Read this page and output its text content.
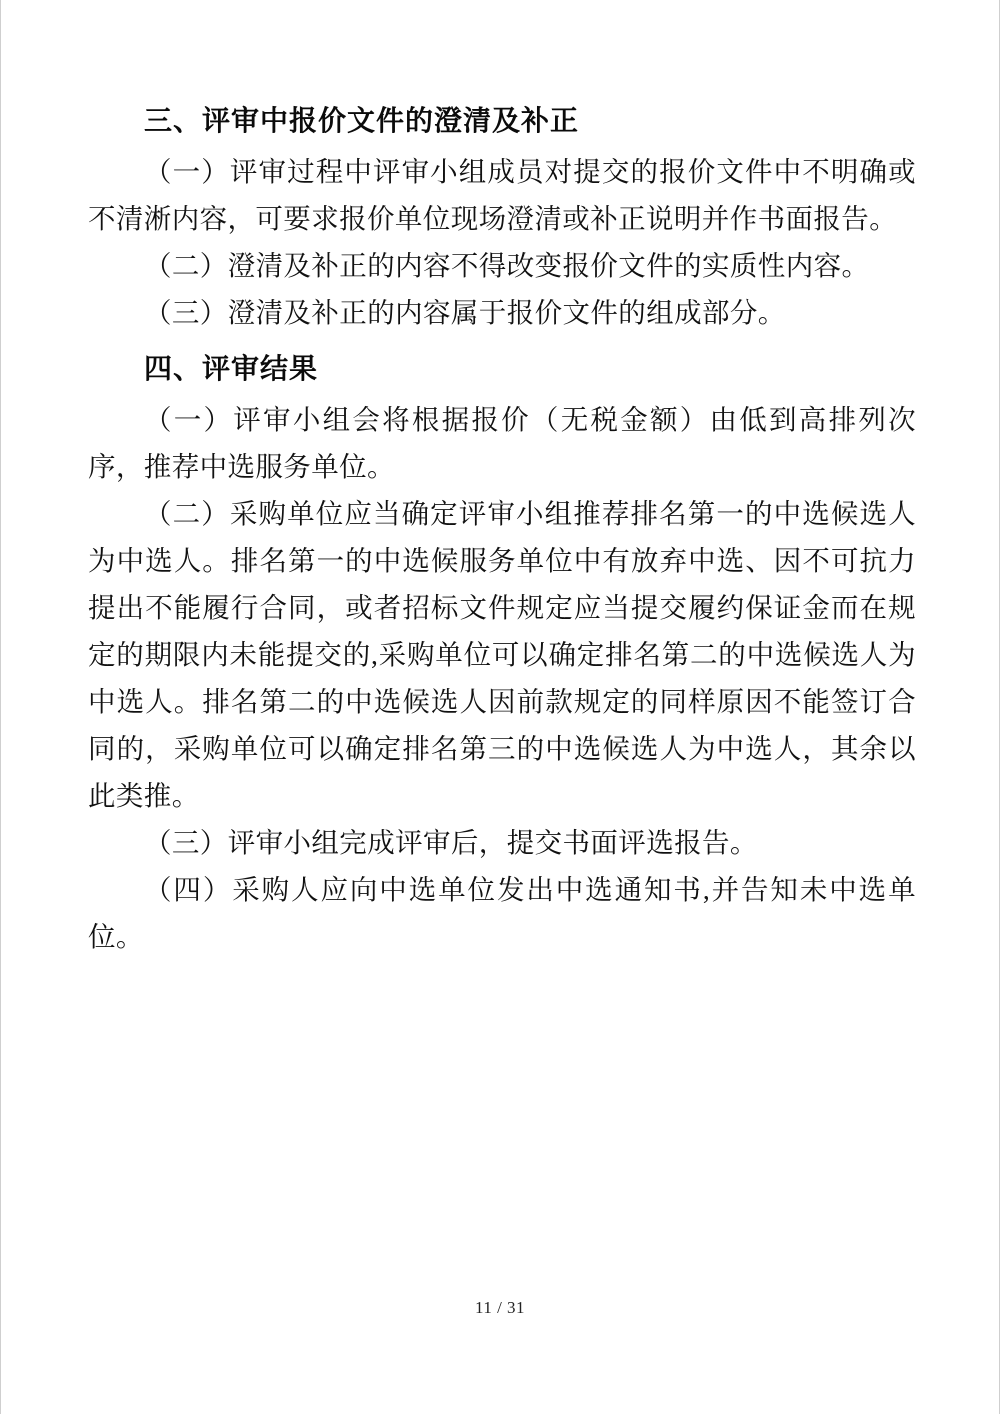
三、评审中报价文件的澄清及补正

（一）评审过程中评审小组成员对提交的报价文件中不明确或不清淅内容，可要求报价单位现场澄清或补正说明并作书面报告。

（二）澄清及补正的内容不得改变报价文件的实质性内容。

（三）澄清及补正的内容属于报价文件的组成部分。

四、评审结果

（一）评审小组会将根据报价（无税金额）由低到高排列次序，推荐中选服务单位。

（二）采购单位应当确定评审小组推荐排名第一的中选候选人为中选人。排名第一的中选候服务单位中有放弃中选、因不可抗力提出不能履行合同，或者招标文件规定应当提交履约保证金而在规定的期限内未能提交的,采购单位可以确定排名第二的中选候选人为中选人。排名第二的中选候选人因前款规定的同样原因不能签订合同的，采购单位可以确定排名第三的中选候选人为中选人，其余以此类推。

（三）评审小组完成评审后，提交书面评选报告。

（四）采购人应向中选单位发出中选通知书,并告知未中选单位。

11 / 31
